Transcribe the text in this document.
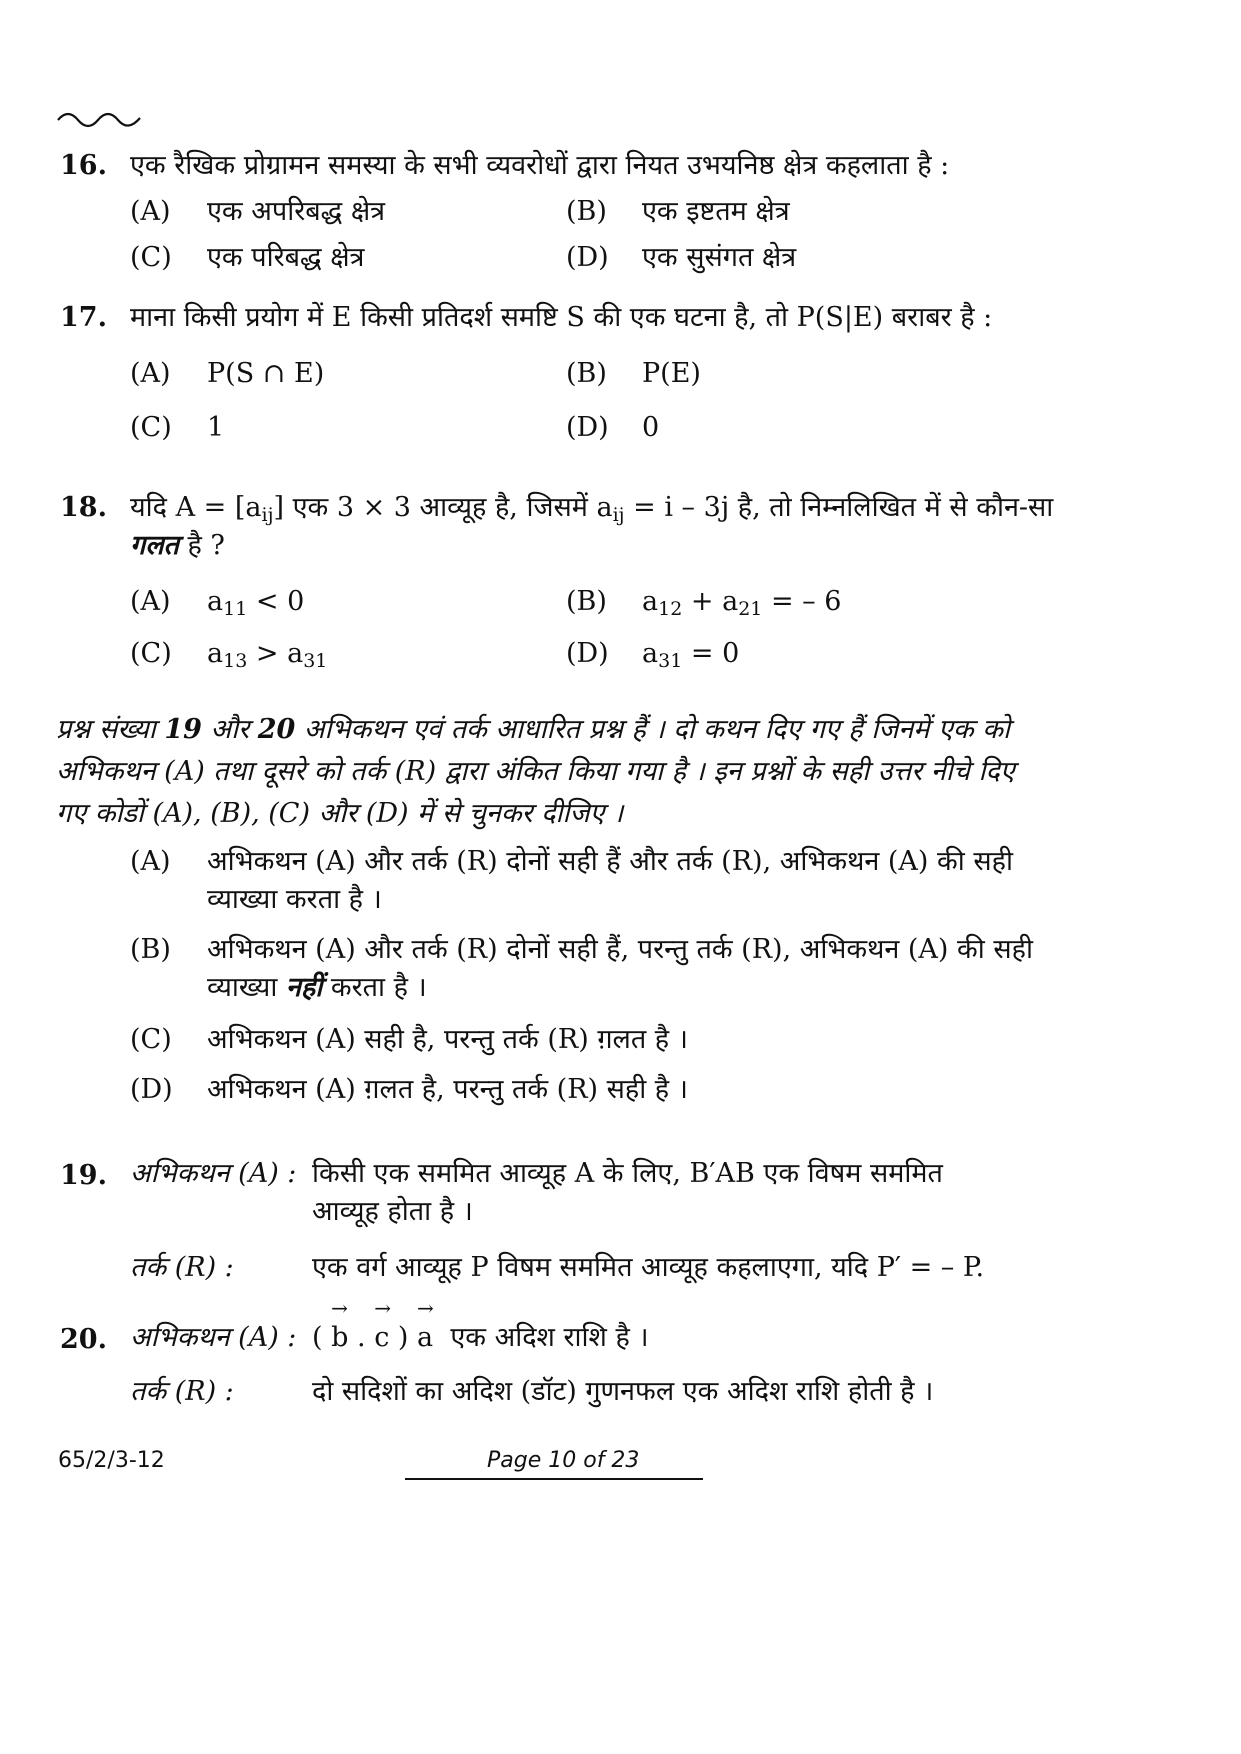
16. एक रैखिक प्रोग्रामन समस्या के सभी व्यवरोधों द्वारा नियत उभयनिष्ठ क्षेत्र कहलाता है :
(A) एक अपरिबद्ध क्षेत्र	(B) एक इष्टतम क्षेत्र
(C) एक परिबद्ध क्षेत्र	(D) एक सुसंगत क्षेत्र
17. माना किसी प्रयोग में E किसी प्रतिदर्श समष्टि S की एक घटना है, तो P(S|E) बराबर है :
(A) P(S ∩ E)	(B) P(E)
(C) 1	(D) 0
18. यदि $A = [a_{ij}]$ एक 3 × 3 आव्यूह है, जिसमें $a_{ij} = i - 3j$ है, तो निम्नलिखित में से कौन-सा
गलत है ?
(A) $a_{11} < 0$	(B) $a_{12} + a_{21}$ = – 6
(C) $a_{13} > a_{31}$	(D) $a_{31} = 0$
प्रश्न संख्या 19 और 20 अभिकथन एवं तर्क आधारित प्रश्न हैं । दो कथन दिए गए हैं जिनमें एक को
अभिकथन (A) तथा दूसरे को तर्क (R) द्वारा अंकित किया गया है । इन प्रश्नों के सही उत्तर नीचे दिए
गए कोडों (A), (B), (C) और (D) में से चुनकर दीजिए ।
(A) अभिकथन (A) और तर्क (R) दोनों सही हैं और तर्क (R), अभिकथन (A) की सही
व्याख्या करता है ।
(B) अभिकथन (A) और तर्क (R) दोनों सही हैं, परन्तु तर्क (R), अभिकथन (A) की सही
व्याख्या नहीं करता है ।
(C) अभिकथन (A) सही है, परन्तु तर्क (R) ग़लत है ।
(D) अभिकथन (A) ग़लत है, परन्तु तर्क (R) सही है ।
19. अभिकथन (A) : किसी एक सममित आव्यूह A के लिए, B′AB एक विषम सममित
आव्यूह होता है ।
तर्क (R) :	एक वर्ग आव्यूह P विषम सममित आव्यूह कहलाएगा, यदि P′ = – P.
20. अभिकथन (A) : ( → b . → c ) → a एक अदिश राशि है ।
तर्क (R) :	दो सदिशों का अदिश (डॉट) गुणनफल एक अदिश राशि होती है ।
65/2/3-12	Page 10 of 23
